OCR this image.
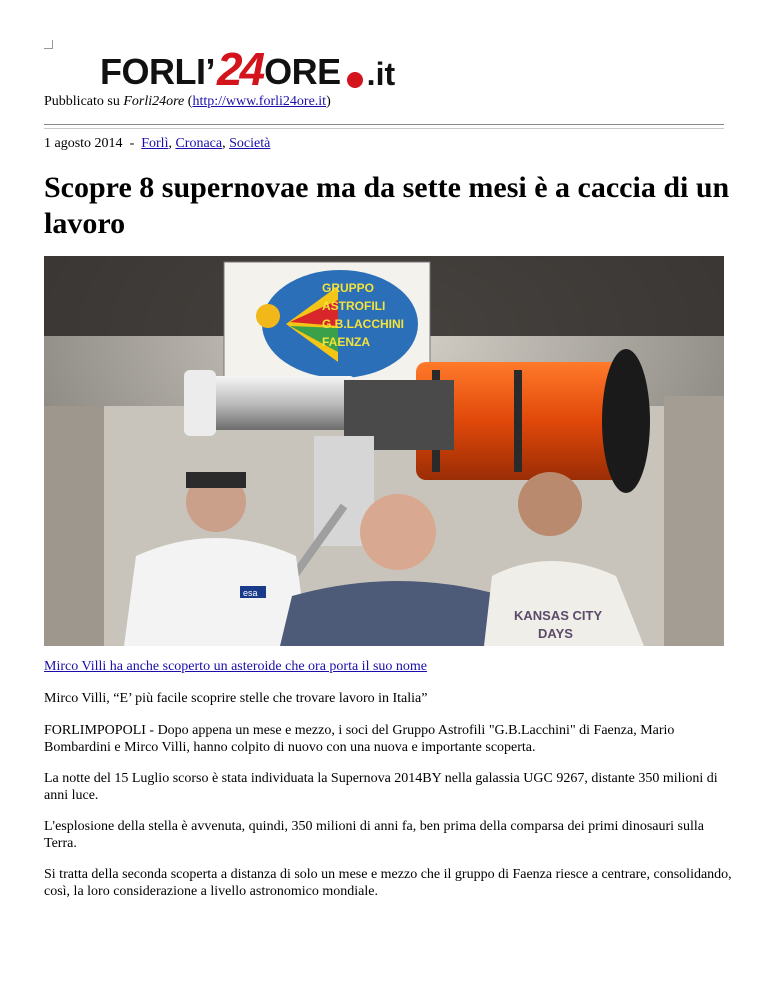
FORLI’ 24 ORE .it
Pubblicato su Forli24ore (http://www.forli24ore.it)
1 agosto 2014 - Forlì, Cronaca, Società
Scopre 8 supernovae ma da sette mesi è a caccia di un lavoro
GRUPPO
ASTROFILI
G.B.LACCHINI
FAENZA
esa
KANSAS CITY
DAYS
Mirco Villi ha anche scoperto un asteroide che ora porta il suo nome

Mirco Villi, “E’ più facile scoprire stelle che trovare lavoro in Italia”

FORLIMPOPOLI - Dopo appena un mese e mezzo, i soci del Gruppo Astrofili "G.B.Lacchini" di Faenza, Mario Bombardini e Mirco Villi, hanno colpito di nuovo con una nuova e importante scoperta.

La notte del 15 Luglio scorso è stata individuata la Supernova 2014BY nella galassia UGC 9267, distante 350 milioni di anni luce.

L'esplosione della stella è avvenuta, quindi, 350 milioni di anni fa, ben prima della comparsa dei primi dinosauri sulla Terra.

Si tratta della seconda scoperta a distanza di solo un mese e mezzo che il gruppo di Faenza riesce a centrare, consolidando, così, la loro considerazione a livello astronomico mondiale.
